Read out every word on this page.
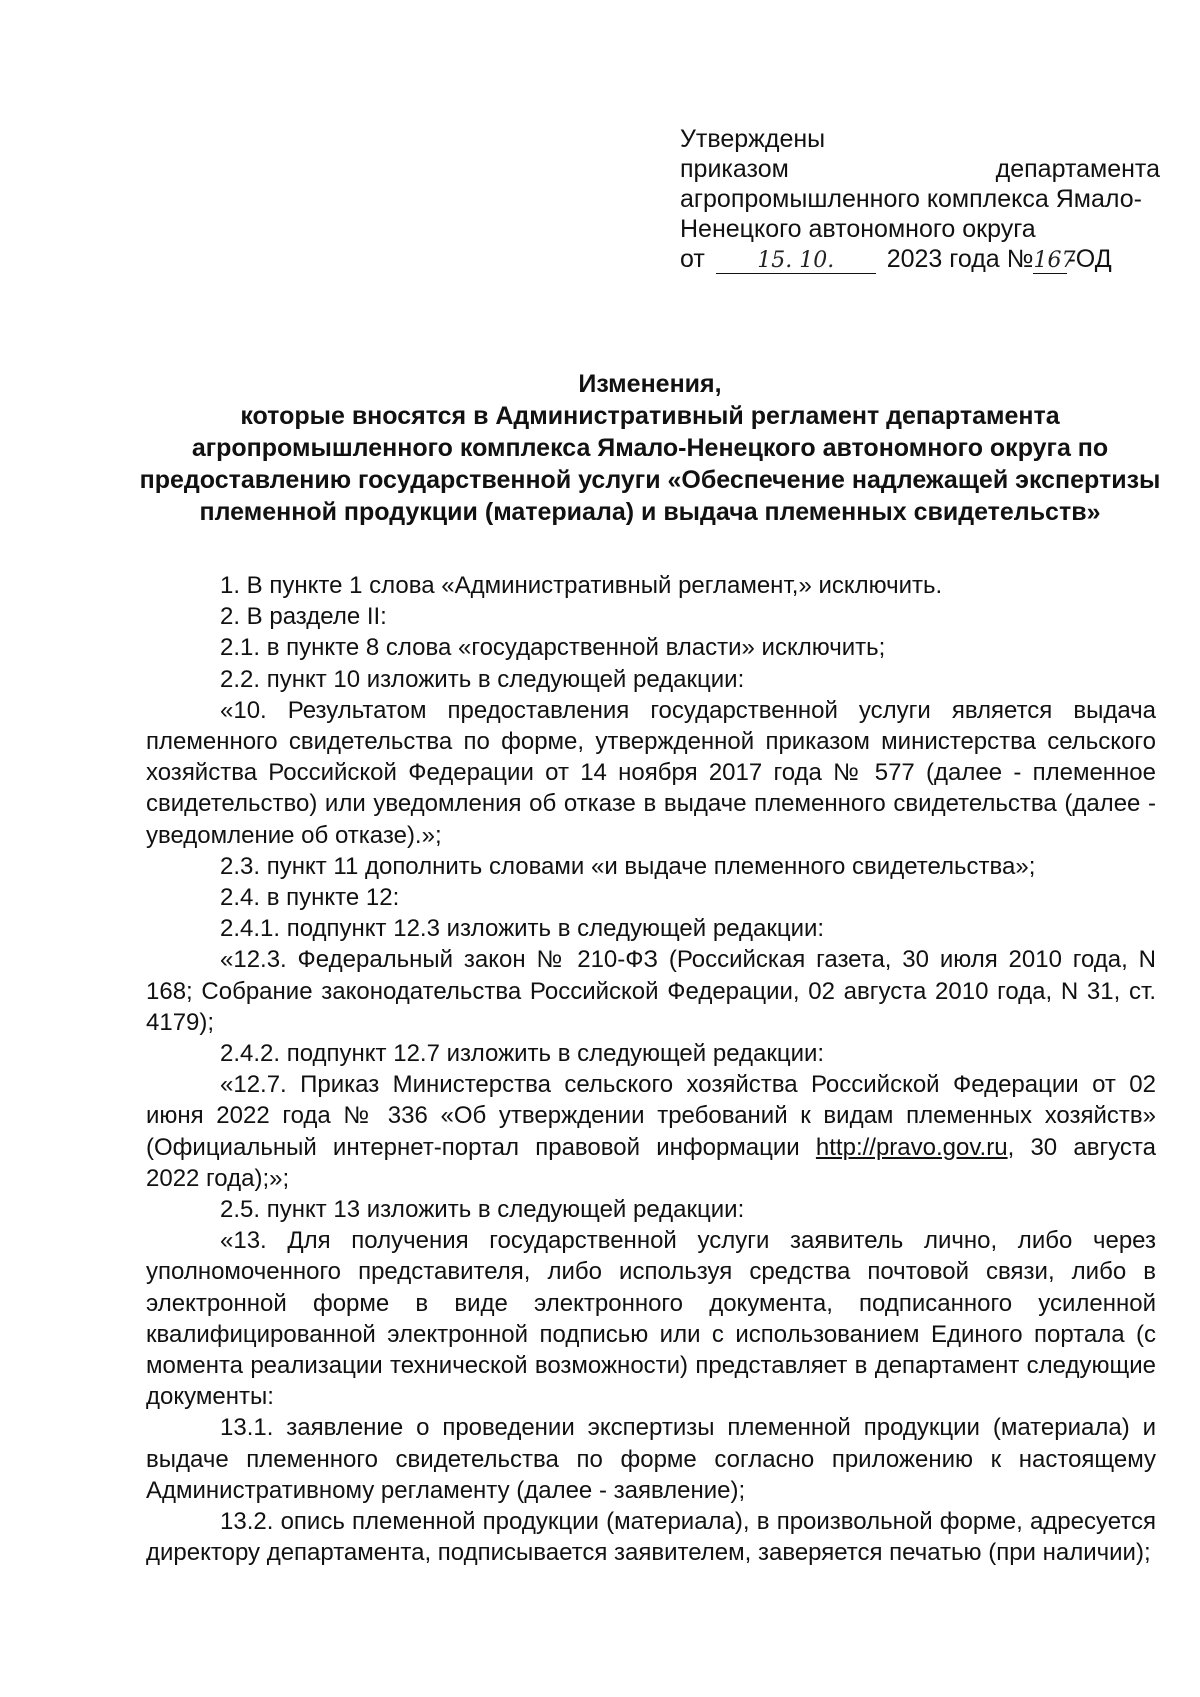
Утверждены

приказом	департамента

агропромышленного комплекса Ямало-

Ненецкого автономного округа

от 15. 10. 2023 года №167-ОД

Изменения,

которые вносятся в Административный регламент департамента агропромышленного комплекса Ямало-Ненецкого автономного округа по предоставлению государственной услуги «Обеспечение надлежащей экспертизы племенной продукции (материала) и выдача племенных свидетельств»

1. В пункте 1 слова «Административный регламент,» исключить.

2. В разделе II:

2.1. в пункте 8 слова «государственной власти» исключить;

2.2. пункт 10 изложить в следующей редакции:

«10. Результатом предоставления государственной услуги является выдача племенного свидетельства по форме, утвержденной приказом министерства сельского хозяйства Российской Федерации от 14 ноября 2017 года № 577 (далее - племенное свидетельство) или уведомления об отказе в выдаче племенного свидетельства (далее - уведомление об отказе).»;

2.3. пункт 11 дополнить словами «и выдаче племенного свидетельства»;

2.4. в пункте 12:

2.4.1. подпункт 12.3 изложить в следующей редакции:

«12.3. Федеральный закон № 210-ФЗ (Российская газета, 30 июля 2010 года, N 168; Собрание законодательства Российской Федерации, 02 августа 2010 года, N 31, ст. 4179);

2.4.2. подпункт 12.7 изложить в следующей редакции:

«12.7. Приказ Министерства сельского хозяйства Российской Федерации от 02 июня 2022 года № 336 «Об утверждении требований к видам племенных хозяйств» (Официальный интернет-портал правовой информации http://pravo.gov.ru, 30 августа 2022 года);»;

2.5. пункт 13 изложить в следующей редакции:

«13. Для получения государственной услуги заявитель лично, либо через уполномоченного представителя, либо используя средства почтовой связи, либо в электронной форме в виде электронного документа, подписанного усиленной квалифицированной электронной подписью или с использованием Единого портала (с момента реализации технической возможности) представляет в департамент следующие документы:

13.1. заявление о проведении экспертизы племенной продукции (материала) и выдаче племенного свидетельства по форме согласно приложению к настоящему Административному регламенту (далее - заявление);

13.2. опись племенной продукции (материала), в произвольной форме, адресуется директору департамента, подписывается заявителем, заверяется печатью (при наличии);
